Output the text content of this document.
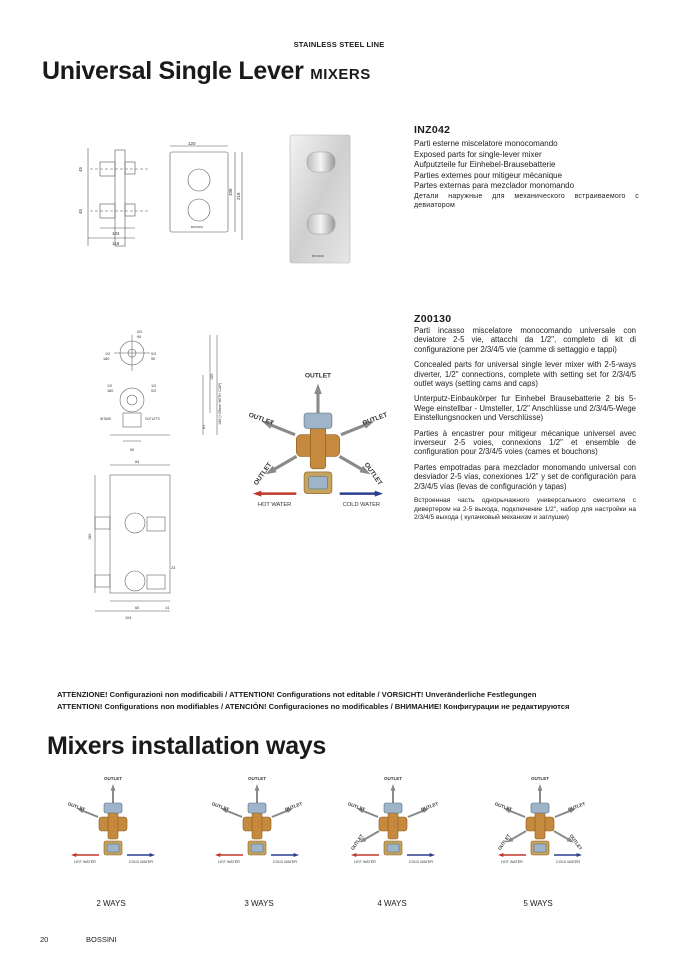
STAINLESS STEEL LINE
Universal Single Lever MIXERS
120
45
45
104
118
108
218
BOSSINI
BOSSINI
INZ042

Parti esterne miscelatore monocomando

Exposed parts for single-lever mixer

Aufputzteile fur Einhebel-Brausebatterie

Parties externes pour mitigeur mécanique

Partes externas para mezclador monomando

Детали наружные для механического встраиваемого с девиатором

0/2
90
1/2
180
0/2
90
1/2
180
1/2
0/2
60
61
105
166 (+25mm WITH CAP)
INTAKE	OUTLETS
60
84
14
104
23
180
OUTLET
OUTLET	OUTLET
OUTLET	OUTLET
HOT WATER	COLD WATER
Z00130

Parti incasso miscelatore monocomando universale con deviatore 2-5 vie, attacchi da 1/2", completo di kit di configurazione per 2/3/4/5 vie (camme di settaggio e tappi)

Concealed parts for universal single lever mixer with 2-5-ways diverter, 1/2" connections, complete with setting set for 2/3/4/5 outlet ways (setting cams and caps)

Unterputz-Einbaukörper fur Einhebel Brausebatterie 2 bis 5-Wege einstellbar - Umsteller, 1/2" Anschlüsse und 2/3/4/5-Wege Einstellungsnocken und Verschlüsse)

Parties à encastrer pour mitigeur mécanique universel avec inverseur 2-5 voies, connexions 1/2" et ensemble de configuration pour 2/3/4/5 voies (cames et bouchons)

Partes empotradas para mezclador monomando universal con desviador 2-5 vías, conexiones 1/2" y set de configuración para 2/3/4/5 vías (levas de configuración y tapas)

Встроенная часть однорычажного универсального смесителя с дивертером на 2-5 выхода, подключение 1/2", набор для настройки на 2/3/4/5 выхода ( кулачковый механизм и заглушки)

ATTENZIONE! Configurazioni non modificabili / ATTENTION! Configurations not editable / VORSICHT! Unveränderliche Festlegungen
ATTENTION! Configurations non modifiables / ATENCIÓN! Configuraciones no modificables / ВНИМАНИЕ! Конфигурации не редактируются
Mixers installation ways
OUTLET
OUTLET
HOT WATER	COLD WATER
OUTLET
OUTLET	OUTLET
HOT WATER	COLD WATER
OUTLET
OUTLET	OUTLET
OUTLET
HOT WATER	COLD WATER
OUTLET
OUTLET	OUTLET
OUTLET	OUTLET
HOT WATER	COLD WATER
2 WAYS	3 WAYS	4 WAYS	5 WAYS
20	BOSSINI
